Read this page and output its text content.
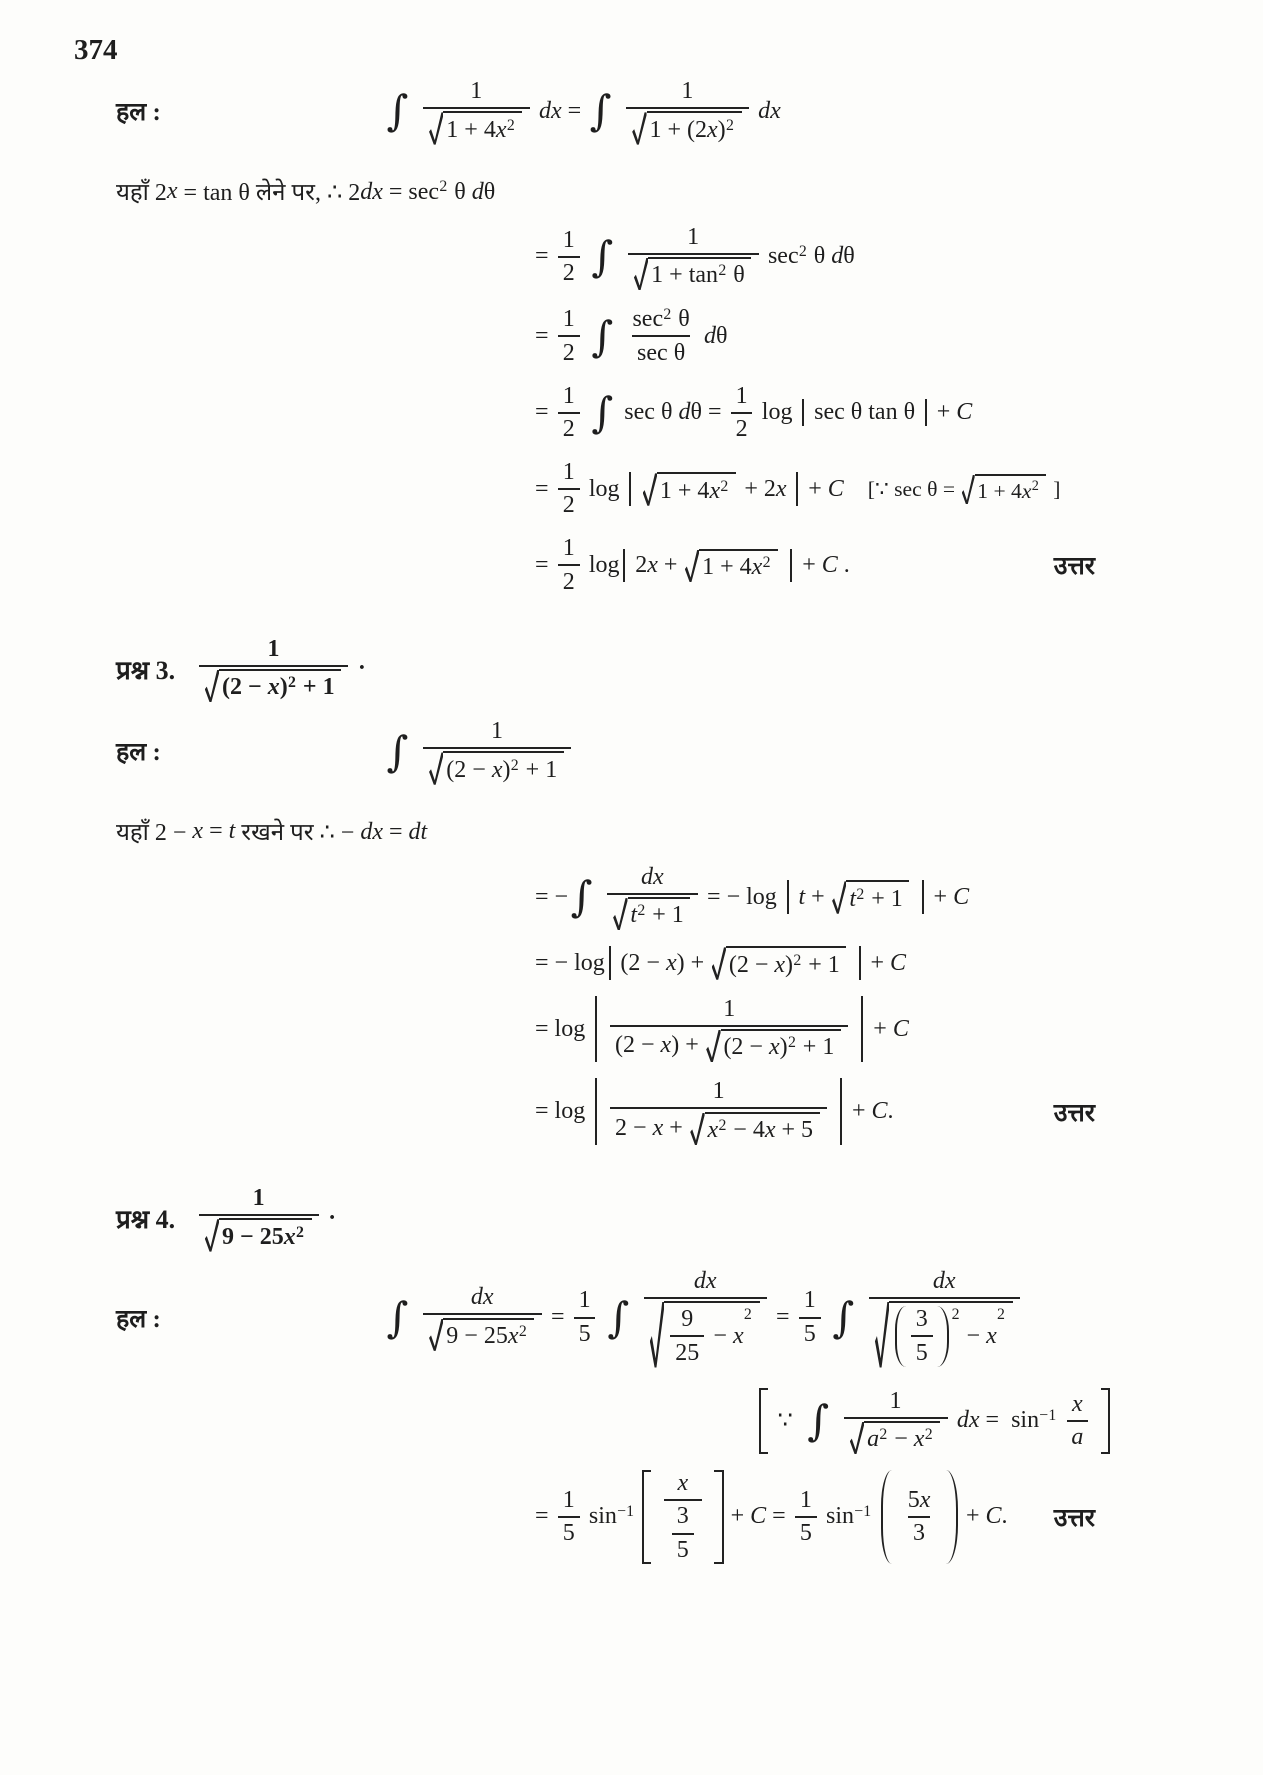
374
हल :	∫
	1
1 + 4 x 2

dx = ∫
	1
1 + (2 x ) 2

dx
यहाँ 2 x = tan θ लेने पर,
∴ 2 dx = sec 2 θ d θ
= $\frac{1}{2}$
∫
	1
1 + tan 2 θ

sec 2 θ d θ
= $\frac{1}{2}$
∫
sec 2 θ
sec θ

d θ
= $\frac{1}{2}$
∫
sec θ d $\theta = \frac{1}{2}$ log sec θ tan θ + C
= $\frac{1}{2}$ log
1 + 4 x 2 + 2 x
+ C [∵ sec θ = 1 + 4 x 2 ]
= $\frac{1}{2}$ log 2 x + 1 + 4 x 2
+ C .	उत्तर
प्रश्न 3.
1
(2 − x ) 2 + 1
·
हल :	∫
	1
(2 − x ) 2 + 1
यहाँ 2 − x = t रखने पर
∴ − dx = dt
= − ∫
$\frac{dx}{t 2 + 1}$ = − log

t + t 2 + 1
+ C
= − log (2 − x ) + (2 − x ) 2 + 1
+ C
= log

1
(2 − x ) + (2 − x ) 2 + 1

+ C
= log

1
2 − x + x 2 − 4 x + 5

+ C .	उत्तर
प्रश्न 4.
1
9 − 25 x 2
·
हल :	∫
$\frac{dx}{9 - 25 x 2} = \frac{1}{5}$
∫
dx
9
25
− x
$2 = \frac{1}{5}$
∫

dx
3
5
2
− x
2

∵
∫
	1
a 2 − x 2

dx =
sin −1
x
a

= $\frac{1}{5}$
sin −1

x
3
5

+ $C = \frac{1}{5}$
sin −1

5 x
3

+ C . उत्तर
